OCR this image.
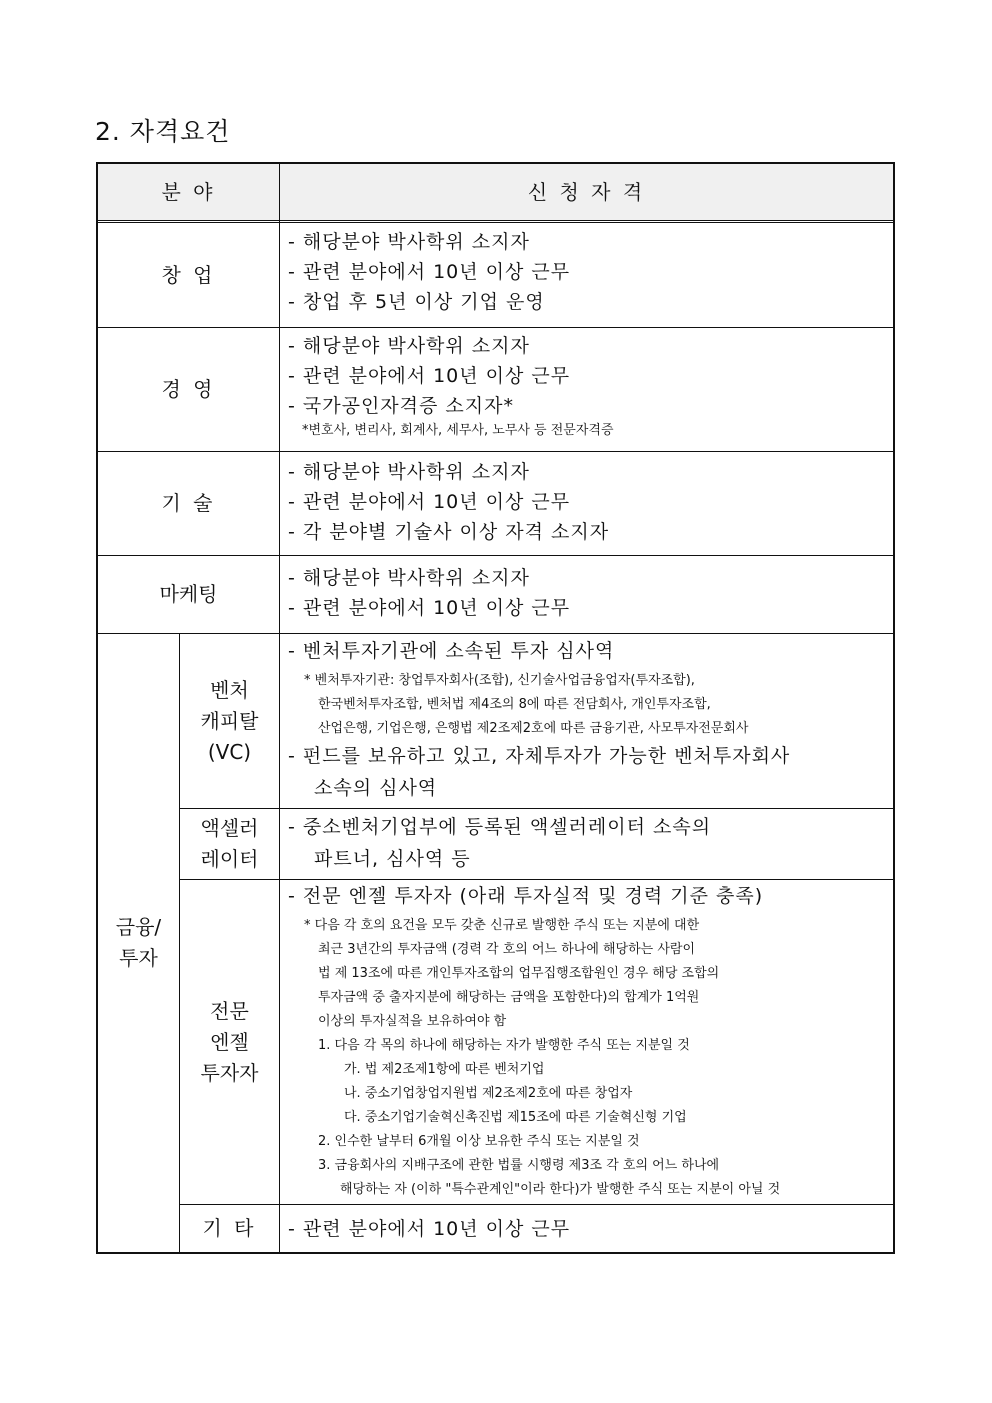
2. 자격요건
분 야	신 청 자 격
창 업
- 해당분야 박사학위 소지자
- 관련 분야에서 10년 이상 근무
- 창업 후 5년 이상 기업 운영
경 영
- 해당분야 박사학위 소지자
- 관련 분야에서 10년 이상 근무
- 국가공인자격증 소지자*
*변호사, 변리사, 회계사, 세무사, 노무사 등 전문자격증
기 술
- 해당분야 박사학위 소지자
- 관련 분야에서 10년 이상 근무
- 각 분야별 기술사 이상 자격 소지자
마케팅
- 해당분야 박사학위 소지자
- 관련 분야에서 10년 이상 근무
금융/
투자
벤처
캐피탈
(VC)
- 벤처투자기관에 소속된 투자 심사역
* 벤처투자기관: 창업투자회사(조합), 신기술사업금융업자(투자조합),
한국벤처투자조합, 벤처법 제4조의 8에 따른 전담회사, 개인투자조합,
산업은행, 기업은행, 은행법 제2조제2호에 따른 금융기관, 사모투자전문회사
- 펀드를 보유하고 있고, 자체투자가 가능한 벤처투자회사
소속의 심사역
액셀러
레이터
- 중소벤처기업부에 등록된 액셀러레이터 소속의
파트너, 심사역 등
전문
엔젤
투자자
- 전문 엔젤 투자자 (아래 투자실적 및 경력 기준 충족)
* 다음 각 호의 요건을 모두 갖춘 신규로 발행한 주식 또는 지분에 대한
최근 3년간의 투자금액 (경력 각 호의 어느 하나에 해당하는 사람이
법 제 13조에 따른 개인투자조합의 업무집행조합원인 경우 해당 조합의
투자금액 중 출자지분에 해당하는 금액을 포함한다)의 합계가 1억원
이상의 투자실적을 보유하여야 함
1. 다음 각 목의 하나에 해당하는 자가 발행한 주식 또는 지분일 것
가. 법 제2조제1항에 따른 벤처기업
나. 중소기업창업지원법 제2조제2호에 따른 창업자
다. 중소기업기술혁신촉진법 제15조에 따른 기술혁신형 기업
2. 인수한 날부터 6개월 이상 보유한 주식 또는 지분일 것
3. 금융회사의 지배구조에 관한 법률 시행령 제3조 각 호의 어느 하나에
해당하는 자 (이하 "특수관계인"이라 한다)가 발행한 주식 또는 지분이 아닐 것
기 타	- 관련 분야에서 10년 이상 근무
